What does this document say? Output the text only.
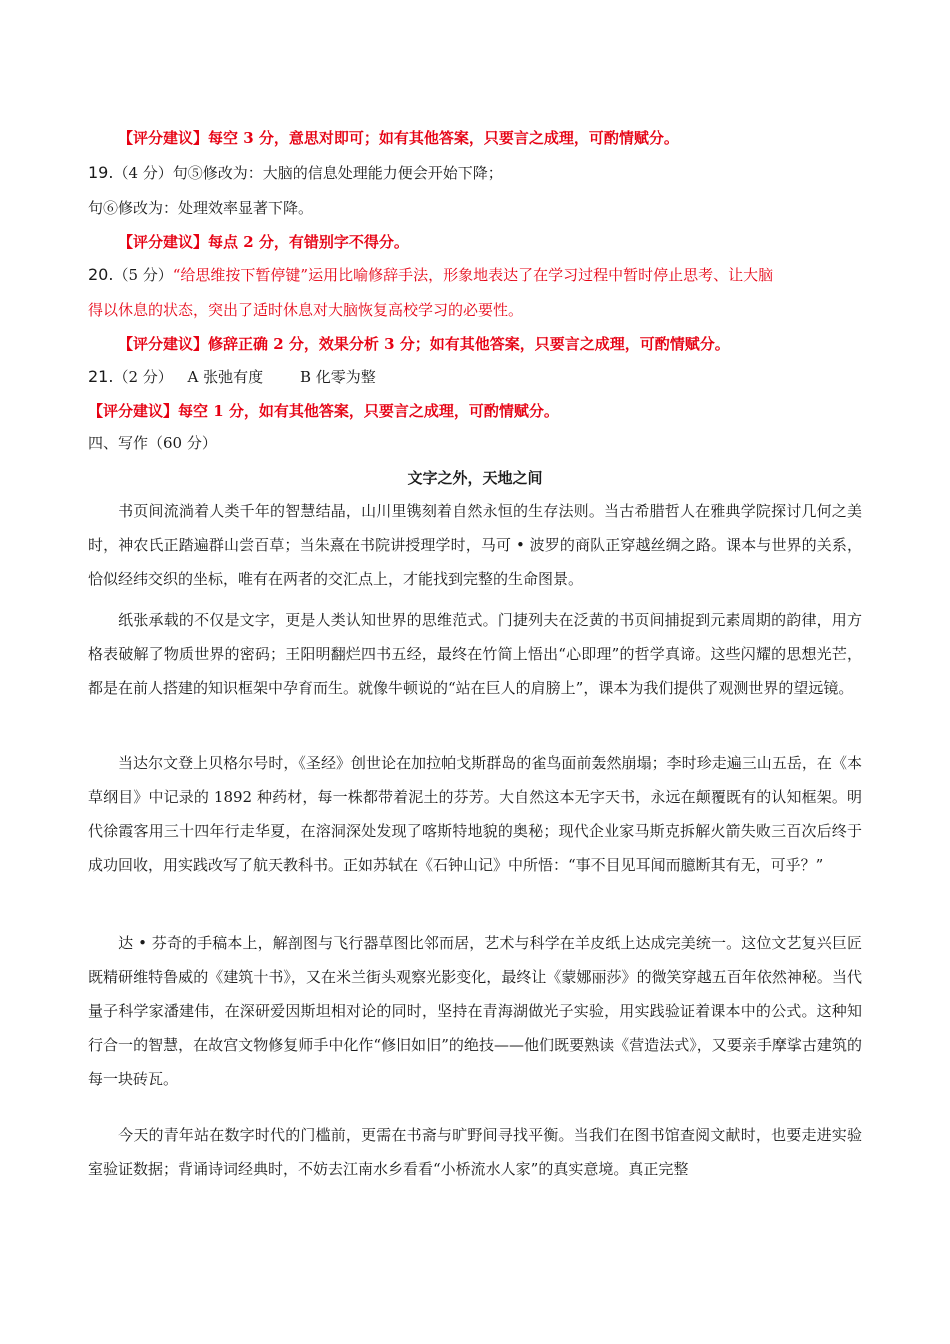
【评分建议】每空 3 分，意思对即可；如有其他答案，只要言之成理，可酌情赋分。
19.（4 分）句⑤修改为：大脑的信息处理能力便会开始下降；
句⑥修改为：处理效率显著下降。
【评分建议】每点 2 分，有错别字不得分。
20.（5 分）“给思维按下暂停键”运用比喻修辞手法，形象地表达了在学习过程中暂时停止思考、让大脑
得以休息的状态，突出了适时休息对大脑恢复高校学习的必要性。
【评分建议】修辞正确 2 分，效果分析 3 分；如有其他答案，只要言之成理，可酌情赋分。
21.（2 分） A 张弛有度 B 化零为整
【评分建议】每空 1 分，如有其他答案，只要言之成理，可酌情赋分。
四、写作（60 分）
文字之外，天地之间

书页间流淌着人类千年的智慧结晶，山川里镌刻着自然永恒的生存法则。当古希腊哲人在雅典学院探讨几何之美时，神农氏正踏遍群山尝百草；当朱熹在书院讲授理学时，马可 • 波罗的商队正穿越丝绸之路。课本与世界的关系，恰似经纬交织的坐标，唯有在两者的交汇点上，才能找到完整的生命图景。

纸张承载的不仅是文字，更是人类认知世界的思维范式。门捷列夫在泛黄的书页间捕捉到元素周期的韵律，用方格表破解了物质世界的密码；王阳明翻烂四书五经，最终在竹简上悟出“心即理”的哲学真谛。这些闪耀的思想光芒，都是在前人搭建的知识框架中孕育而生。就像牛顿说的“站在巨人的肩膀上”，课本为我们提供了观测世界的望远镜。

当达尔文登上贝格尔号时，《圣经》创世论在加拉帕戈斯群岛的雀鸟面前轰然崩塌；李时珍走遍三山五岳，在《本草纲目》中记录的 1892 种药材，每一株都带着泥土的芬芳。大自然这本无字天书，永远在颠覆既有的认知框架。明代徐霞客用三十四年行走华夏，在溶洞深处发现了喀斯特地貌的奥秘；现代企业家马斯克拆解火箭失败三百次后终于成功回收，用实践改写了航天教科书。正如苏轼在《石钟山记》中所悟：“事不目见耳闻而臆断其有无，可乎？”

达 • 芬奇的手稿本上，解剖图与飞行器草图比邻而居，艺术与科学在羊皮纸上达成完美统一。这位文艺复兴巨匠既精研维特鲁威的《建筑十书》，又在米兰街头观察光影变化，最终让《蒙娜丽莎》的微笑穿越五百年依然神秘。当代量子科学家潘建伟，在深研爱因斯坦相对论的同时，坚持在青海湖做光子实验，用实践验证着课本中的公式。这种知行合一的智慧，在故宫文物修复师手中化作“修旧如旧”的绝技——他们既要熟读《营造法式》，又要亲手摩挲古建筑的每一块砖瓦。

今天的青年站在数字时代的门槛前，更需在书斋与旷野间寻找平衡。当我们在图书馆查阅文献时，也要走进实验室验证数据；背诵诗词经典时，不妨去江南水乡看看“小桥流水人家”的真实意境。真正完整
